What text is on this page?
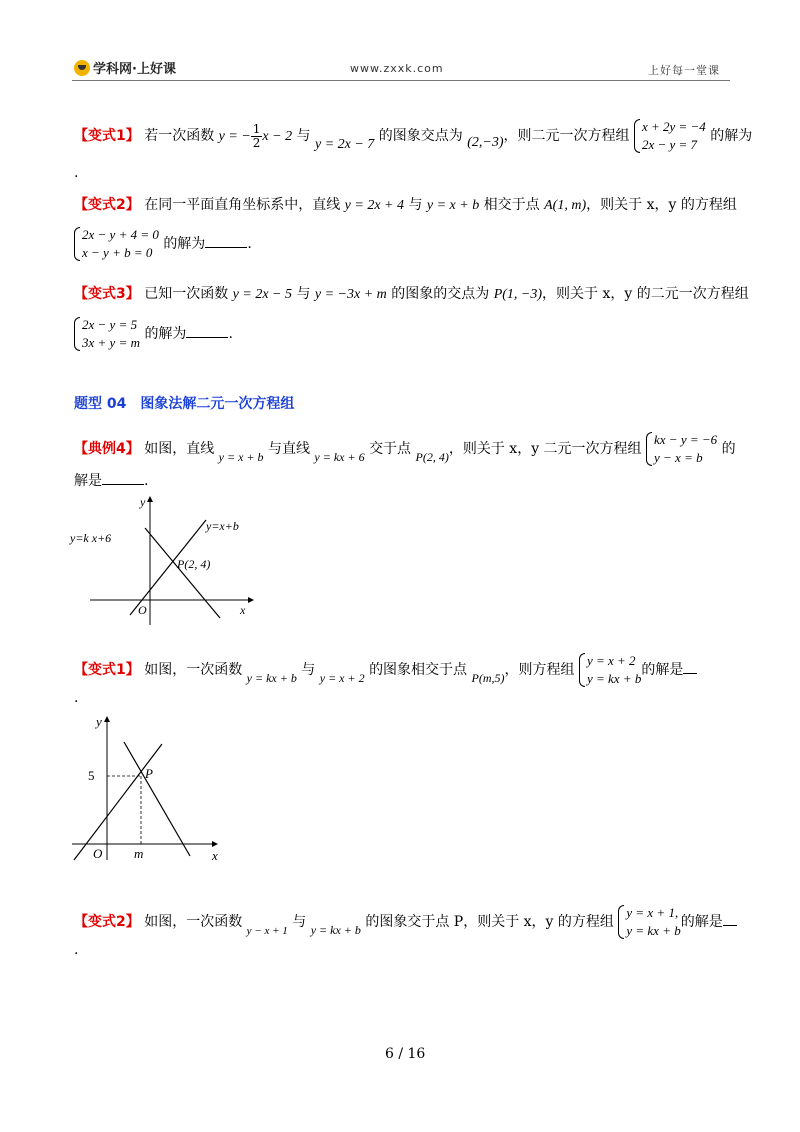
学科网·上好课	www.zxxk.com	上好每一堂课
【变式1】 若一次函数 y = − $\frac{1}{2}$ x − 2 与 y = 2x − 7 的图象交点为 (2,−3)，则二元一次方程组
x + 2y = −4
2x − y = 7
的解为
.
【变式2】 在同一平面直角坐标系中，直线 y = 2x + 4 与 y = x + b 相交于点 A(1, m)，则关于 x，y 的方程组
2x − y + 4 = 0
x − y + b = 0
的解为	.
【变式3】 已知一次函数 y = 2x − 5 与 y = −3x + m 的图象的交点为 P(1, −3)，则关于 x，y 的二元一次方程组
2x − y = 5
3x + y = m
的解为	.
题型 04　图象法解二元一次方程组
【典例4】 如图，直线 y = x + b 与直线 y = kx + 6 交于点 P(2, 4)，则关于 x，y 二元一次方程组
kx − y = −6
y − x = b
的
解是	.
y=k x+6
y=x+b
P(2, 4)
O	x
y
【变式1】 如图，一次函数 y = kx + b 与 y = x + 2 的图象相交于点 P(m,5)，则方程组
y = x + 2
y = kx + b
的解是
.
5	P
O m	x
y
【变式2】 如图，一次函数 $_{y - x + 1}$ 与 y = kx + b 的图象交于点 P，则关于 x，y 的方程组
y = x + 1,
y = kx + b
的解是
.
6 / 16
